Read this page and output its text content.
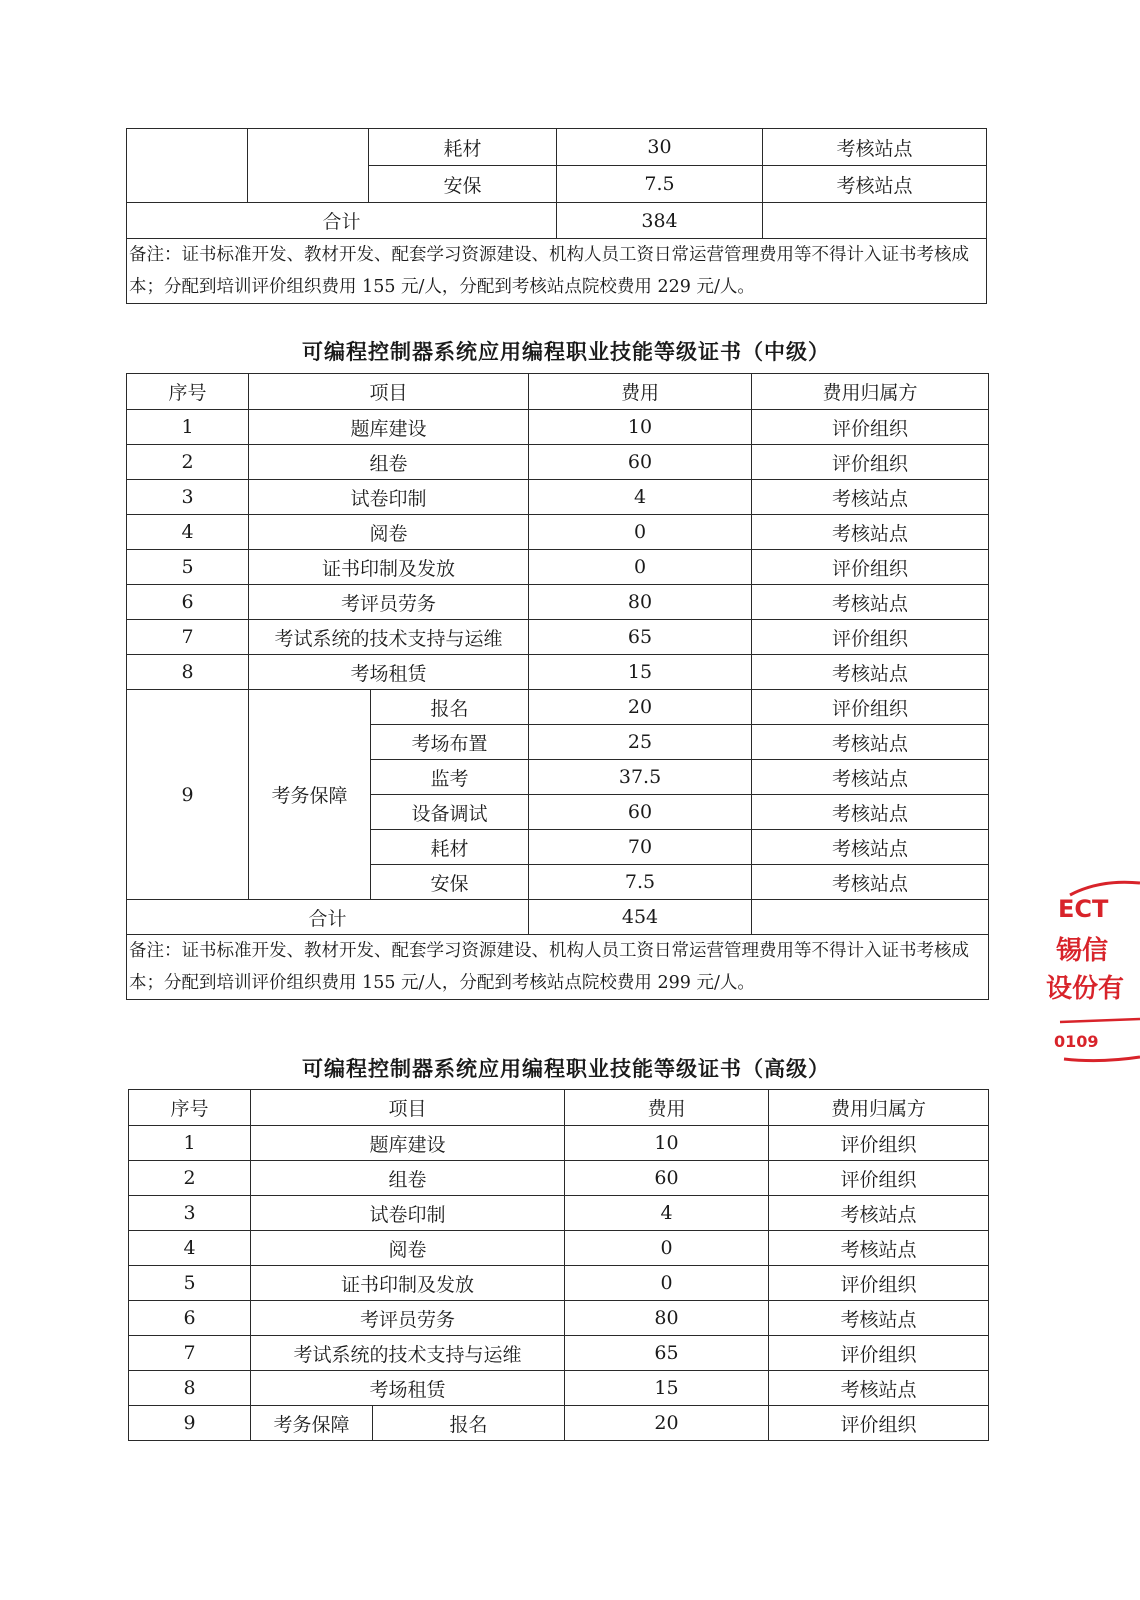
		耗材	30	考核站点
		安保	7.5	考核站点
合计			384	
备注：证书标准开发、教材开发、配套学习资源建设、机构人员工资日常运营管理费用等不得计入证书考核成本；分配到培训评价组织费用 155 元/人，分配到考核站点院校费用 229 元/人。				
可编程控制器系统应用编程职业技能等级证书（中级）
序号	项目		费用	费用归属方
1	题库建设		10	评价组织
2	组卷		60	评价组织
3	试卷印制		4	考核站点
4	阅卷		0	考核站点
5	证书印制及发放		0	评价组织
6	考评员劳务		80	考核站点
7	考试系统的技术支持与运维		65	评价组织
8	考场租赁		15	考核站点
9	考务保障	报名	20	评价组织
		考场布置	25	考核站点
		监考	37.5	考核站点
		设备调试	60	考核站点
		耗材	70	考核站点
		安保	7.5	考核站点
合计			454	
备注：证书标准开发、教材开发、配套学习资源建设、机构人员工资日常运营管理费用等不得计入证书考核成本；分配到培训评价组织费用 155 元/人，分配到考核站点院校费用 299 元/人。				
可编程控制器系统应用编程职业技能等级证书（高级）
序号	项目		费用	费用归属方
1	题库建设		10	评价组织
2	组卷		60	评价组织
3	试卷印制		4	考核站点
4	阅卷		0	考核站点
5	证书印制及发放		0	评价组织
6	考评员劳务		80	考核站点
7	考试系统的技术支持与运维		65	评价组织
8	考场租赁		15	考核站点
9	考务保障	报名	20	评价组织
ECT
锡信
设份有
0109
